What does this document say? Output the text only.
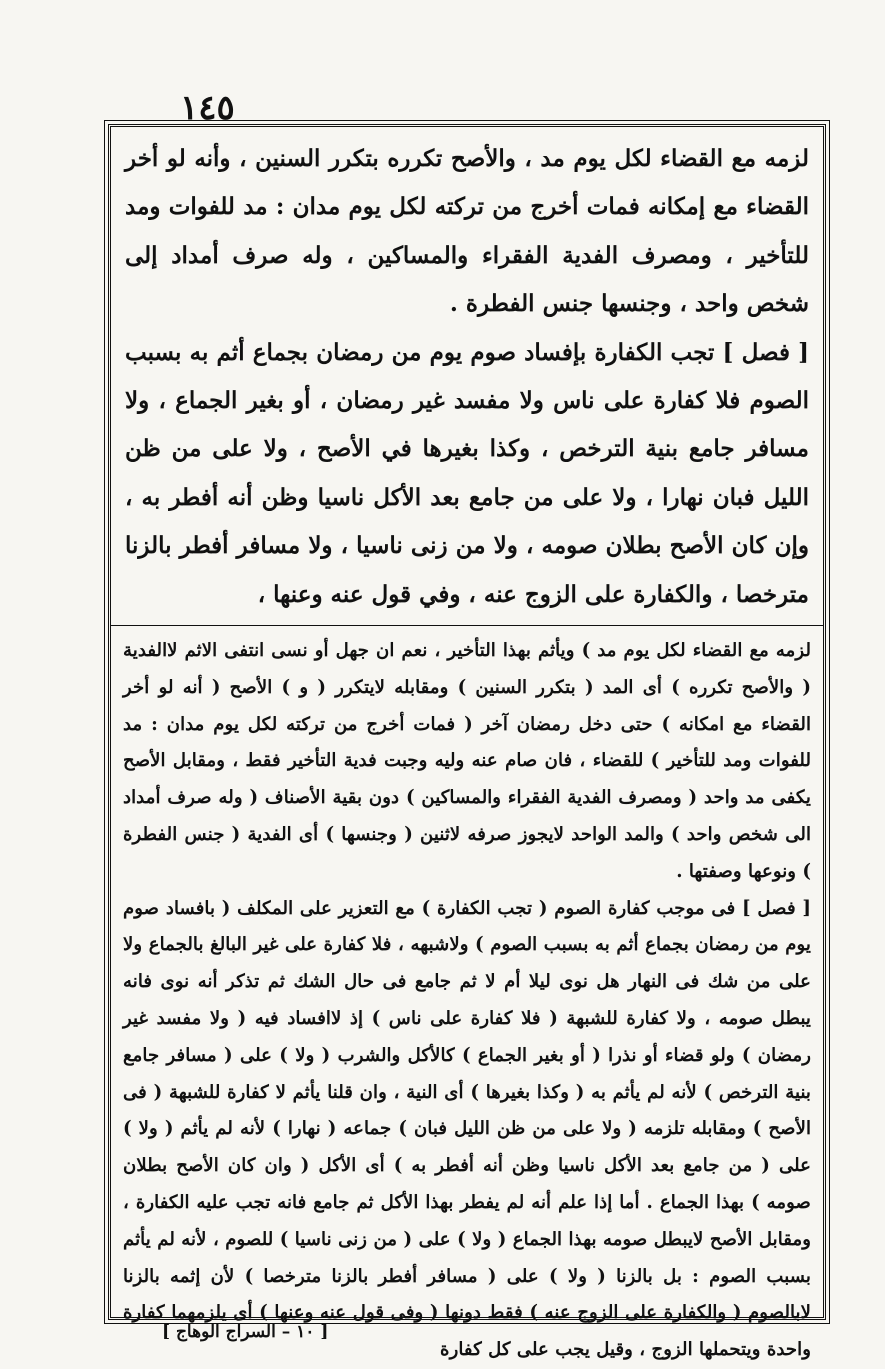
١٤٥

لزمه مع القضاء لكل يوم مد ، والأصح تكرره بتكرر السنين ، وأنه لو أخر القضاء مع إمكانه فمات أخرج من تركته لكل يوم مدان : مد للفوات ومد للتأخير ، ومصرف الفدية الفقراء والمساكين ، وله صرف أمداد إلى شخص واحد ، وجنسها جنس الفطرة .

[ فصل ] تجب الكفارة بإفساد صوم يوم من رمضان بجماع أثم به بسبب الصوم فلا كفارة على ناس ولا مفسد غير رمضان ، أو بغير الجماع ، ولا مسافر جامع بنية الترخص ، وكذا بغيرها في الأصح ، ولا على من ظن الليل فبان نهارا ، ولا على من جامع بعد الأكل ناسيا وظن أنه أفطر به ، وإن كان الأصح بطلان صومه ، ولا من زنى ناسيا ، ولا مسافر أفطر بالزنا مترخصا ، والكفارة على الزوج عنه ، وفي قول عنه وعنها ،

لزمه مع القضاء لكل يوم مد ) ويأثم بهذا التأخير ، نعم ان جهل أو نسى انتفى الاثم لاالفدية ( والأصح تكرره ) أى المد ( بتكرر السنين ) ومقابله لايتكرر ( و ) الأصح ( أنه لو أخر القضاء مع امكانه ) حتى دخل رمضان آخر ( فمات أخرج من تركته لكل يوم مدان : مد للفوات ومد للتأخير ) للقضاء ، فان صام عنه وليه وجبت فدية التأخير فقط ، ومقابل الأصح يكفى مد واحد ( ومصرف الفدية الفقراء والمساكين ) دون بقية الأصناف ( وله صرف أمداد الى شخص واحد ) والمد الواحد لايجوز صرفه لاثنين ( وجنسها ) أى الفدية ( جنس الفطرة ) ونوعها وصفتها .

[ فصل ] فى موجب كفارة الصوم ( تجب الكفارة ) مع التعزير على المكلف ( بافساد صوم يوم من رمضان بجماع أثم به بسبب الصوم ) ولاشبهه ، فلا كفارة على غير البالغ بالجماع ولا على من شك فى النهار هل نوى ليلا أم لا ثم جامع فى حال الشك ثم تذكر أنه نوى فانه يبطل صومه ، ولا كفارة للشبهة ( فلا كفارة على ناس ) إذ لاافساد فيه ( ولا مفسد غير رمضان ) ولو قضاء أو نذرا ( أو بغير الجماع ) كالأكل والشرب ( ولا ) على ( مسافر جامع بنية الترخص ) لأنه لم يأثم به ( وكذا بغيرها ) أى النية ، وان قلنا يأثم لا كفارة للشبهة ( فى الأصح ) ومقابله تلزمه ( ولا على من ظن الليل فبان ) جماعه ( نهارا ) لأنه لم يأثم ( ولا ) على ( من جامع بعد الأكل ناسيا وظن أنه أفطر به ) أى الأكل ( وان كان الأصح بطلان صومه ) بهذا الجماع . أما إذا علم أنه لم يفطر بهذا الأكل ثم جامع فانه تجب عليه الكفارة ، ومقابل الأصح لايبطل صومه بهذا الجماع ( ولا ) على ( من زنى ناسيا ) للصوم ، لأنه لم يأثم بسبب الصوم : بل بالزنا ( ولا ) على ( مسافر أفطر بالزنا مترخصا ) لأن إثمه بالزنا لابالصوم ( والكفارة على الزوج عنه ) فقط دونها ( وفى قول عنه وعنها ) أى يلزمهما كفارة واحدة ويتحملها الزوج ، وقيل يجب على كل كفارة

[ ١٠ – السراج الوهاج ]
